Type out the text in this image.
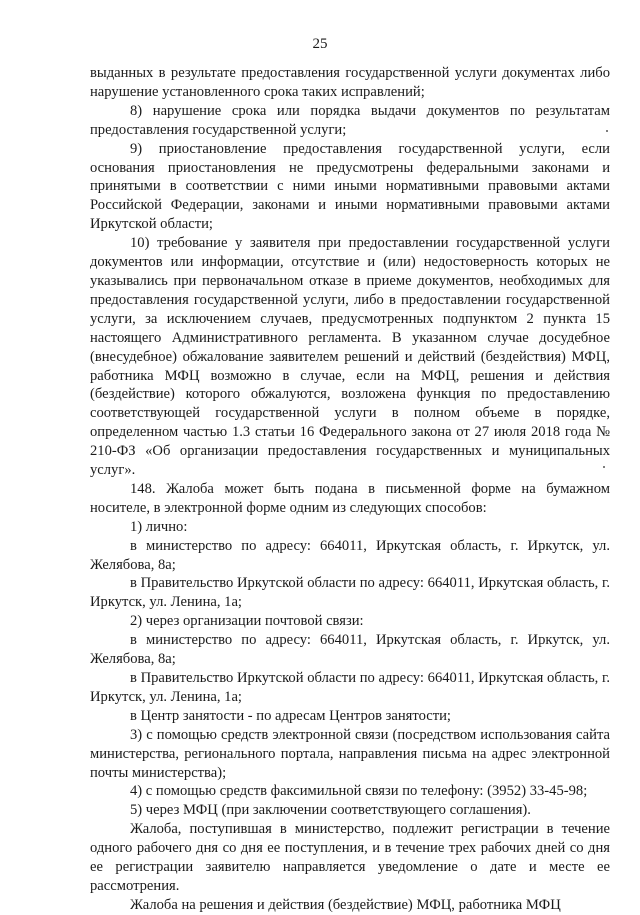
25

выданных в результате предоставления государственной услуги документах либо нарушение установленного срока таких исправлений;

8) нарушение срока или порядка выдачи документов по результатам предоставления государственной услуги;

9) приостановление предоставления государственной услуги, если основания приостановления не предусмотрены федеральными законами и принятыми в соответствии с ними иными нормативными правовыми актами Российской Федерации, законами и иными нормативными правовыми актами Иркутской области;

10) требование у заявителя при предоставлении государственной услуги документов или информации, отсутствие и (или) недостоверность которых не указывались при первоначальном отказе в приеме документов, необходимых для предоставления государственной услуги, либо в предоставлении государственной услуги, за исключением случаев, предусмотренных подпунктом 2 пункта 15 настоящего Административного регламента. В указанном случае досудебное (внесудебное) обжалование заявителем решений и действий (бездействия) МФЦ, работника МФЦ возможно в случае, если на МФЦ, решения и действия (бездействие) которого обжалуются, возложена функция по предоставлению соответствующей государственной услуги в полном объеме в порядке, определенном частью 1.3 статьи 16 Федерального закона от 27 июля 2018 года № 210-ФЗ «Об организации предоставления государственных и муниципальных услуг».

148. Жалоба может быть подана в письменной форме на бумажном носителе, в электронной форме одним из следующих способов:

1) лично:

в министерство по адресу: 664011, Иркутская область, г. Иркутск, ул. Желябова, 8а;

в Правительство Иркутской области по адресу: 664011, Иркутская область, г. Иркутск, ул. Ленина, 1а;

2) через организации почтовой связи:

в министерство по адресу: 664011, Иркутская область, г. Иркутск, ул. Желябова, 8а;

в Правительство Иркутской области по адресу: 664011, Иркутская область, г. Иркутск, ул. Ленина, 1а;

в Центр занятости - по адресам Центров занятости;

3) с помощью средств электронной связи (посредством использования сайта министерства, регионального портала, направления письма на адрес электронной почты министерства);

4) с помощью средств факсимильной связи по телефону: (3952) 33-45-98;

5) через МФЦ (при заключении соответствующего соглашения).

Жалоба, поступившая в министерство, подлежит регистрации в течение одного рабочего дня со дня ее поступления, и в течение трех рабочих дней со дня ее регистрации заявителю направляется уведомление о дате и месте ее рассмотрения.

Жалоба на решения и действия (бездействие) МФЦ, работника МФЦ
